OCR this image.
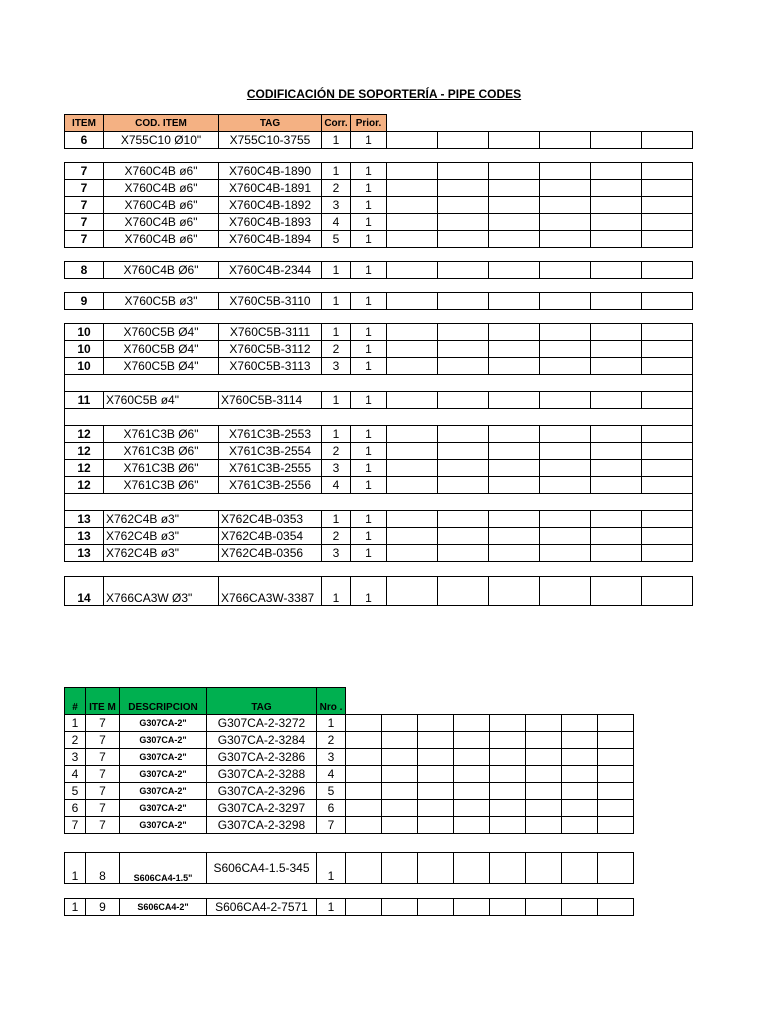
CODIFICACIÓN DE SOPORTERÍA - PIPE CODES
ITEM	COD. ITEM	TAG	Corr.	Prior.						
6	X755C10 Ø10"	X755C10-3755	1	1						

7	X760C4B ø6"	X760C4B-1890	1	1						
7	X760C4B ø6"	X760C4B-1891	2	1						
7	X760C4B ø6"	X760C4B-1892	3	1						
7	X760C4B ø6"	X760C4B-1893	4	1						
7	X760C4B ø6"	X760C4B-1894	5	1						

8	X760C4B Ø6"	X760C4B-2344	1	1						

9	X760C5B ø3"	X760C5B-3110	1	1						

10	X760C5B Ø4"	X760C5B-3111	1	1						
10	X760C5B Ø4"	X760C5B-3112	2	1						
10	X760C5B Ø4"	X760C5B-3113	3	1						

11	X760C5B ø4"	X760C5B-3114	1	1						

12	X761C3B Ø6"	X761C3B-2553	1	1						
12	X761C3B Ø6"	X761C3B-2554	2	1						
12	X761C3B Ø6"	X761C3B-2555	3	1						
12	X761C3B Ø6"	X761C3B-2556	4	1						

13	X762C4B ø3"	X762C4B-0353	1	1						
13	X762C4B ø3"	X762C4B-0354	2	1						
13	X762C4B ø3"	X762C4B-0356	3	1						

14	X766CA3W Ø3"	X766CA3W-3387	1	1						
#	ITE M	DESCRIPCION	TAG	Nro .								
1	7	G307CA-2"	G307CA-2-3272	1								
2	7	G307CA-2"	G307CA-2-3284	2								
3	7	G307CA-2"	G307CA-2-3286	3								
4	7	G307CA-2"	G307CA-2-3288	4								
5	7	G307CA-2"	G307CA-2-3296	5								
6	7	G307CA-2"	G307CA-2-3297	6								
7	7	G307CA-2"	G307CA-2-3298	7								

1	8	S606CA4-1.5"	S606CA4-1.5-345	1								

1	9	S606CA4-2"	S606CA4-2-7571	1								
